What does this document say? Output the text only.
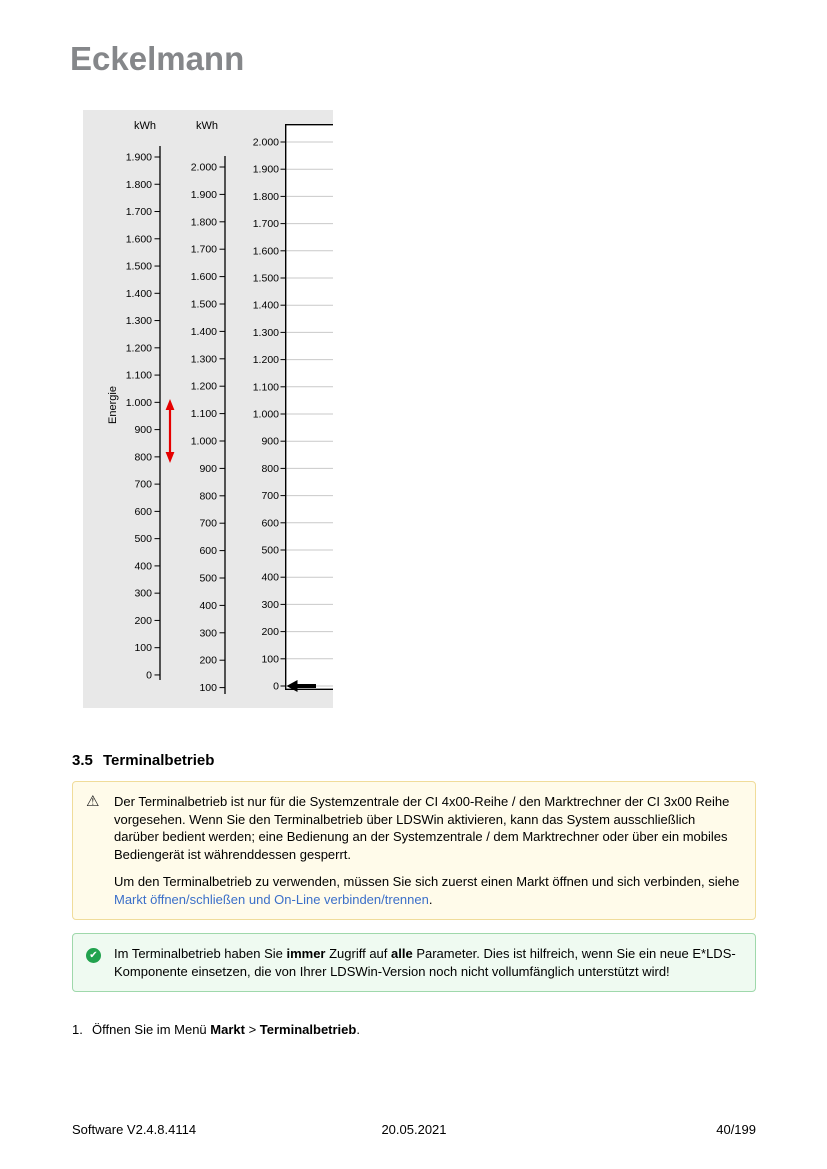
Eckelmann
2.000
1.900
1.800
1.700
1.600
1.500
1.400
1.300
1.200
1.100
1.000
900
800
700
600
500
400
300
200
100
0
1.900
1.800
1.700
1.600
1.500
1.400
1.300
1.200
1.100
1.000
900
800
700
600
500
400
300
200
100
0
kWh
Energie
2.000
1.900
1.800
1.700
1.600
1.500
1.400
1.300
1.200
1.100
1.000
900
800
700
600
500
400
300
200
100
kWh
3.5 Terminalbetrieb
⚠ Der Terminalbetrieb ist nur für die Systemzentrale der CI 4x00-Reihe / den Marktrechner der CI 3x00 Reihe vorgesehen. Wenn Sie den Terminalbetrieb über LDSWin aktivieren, kann das System ausschließlich darüber bedient werden; eine Bedienung an der Systemzentrale / dem Marktrechner oder über ein mobiles Bediengerät ist währenddessen gesperrt.

Um den Terminalbetrieb zu verwenden, müssen Sie sich zuerst einen Markt öffnen und sich verbinden, siehe Markt öffnen/schließen und On-Line verbinden/trennen.

✔	Im Terminalbetrieb haben Sie immer Zugriff auf alle Parameter. Dies ist hilfreich, wenn Sie ein neue E*LDS-Komponente einsetzen, die von Ihrer LDSWin-Version noch nicht vollumfänglich unterstützt wird!

1. Öffnen Sie im Menü Markt > Terminalbetrieb.
Software V2.4.8.4114	20.05.2021	40/199
